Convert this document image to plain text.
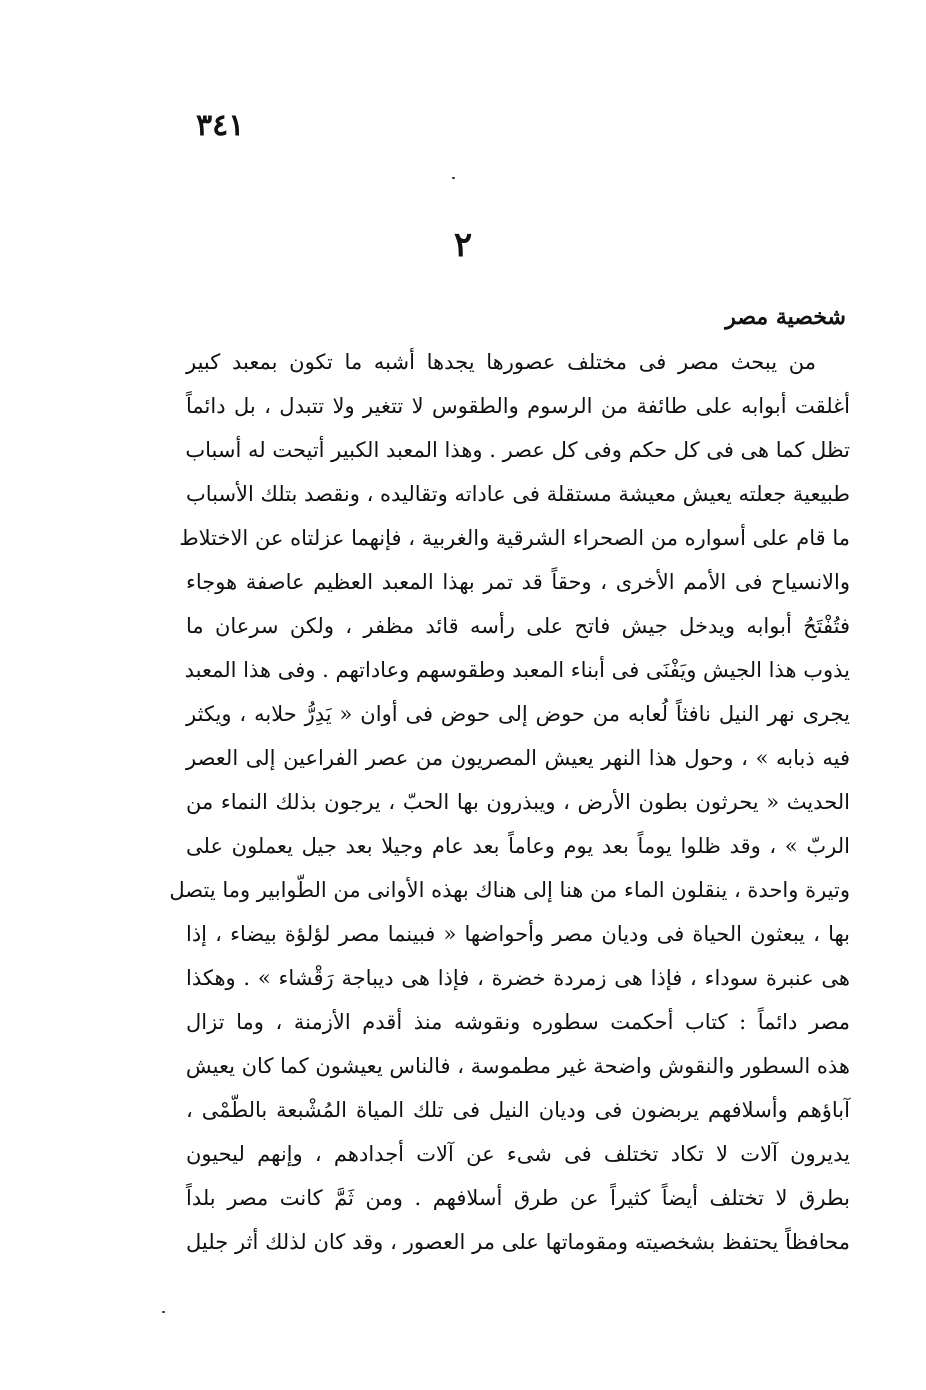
٣٤١
٢
شخصية مصر
من يبحث مصر فى مختلف عصورها يجدها أشبه ما تكون بمعبد كبير
أغلقت أبوابه على طائفة من الرسوم والطقوس لا تتغير ولا تتبدل ، بل دائماً
تظل كما هى فى كل حكم وفى كل عصر . وهذا المعبد الكبير أتيحت له أسباب
طبيعية جعلته يعيش معيشة مستقلة فى عاداته وتقاليده ، ونقصد بتلك الأسباب
ما قام على أسواره من الصحراء الشرقية والغربية ، فإنهما عزلتاه عن الاختلاط
والانسياح فى الأمم الأخرى ، وحقاً قد تمر بهذا المعبد العظيم عاصفة هوجاء
فتُفْتَحُ أبوابه ويدخل جيش فاتح على رأسه قائد مظفر ، ولكن سرعان ما
يذوب هذا الجيش ويَفْنَى فى أبناء المعبد وطقوسهم وعاداتهم . وفى هذا المعبد
يجرى نهر النيل نافثاً لُعابه من حوض إلى حوض فى أوان « يَدِرُّ حلابه ، ويكثر
فيه ذبابه » ، وحول هذا النهر يعيش المصريون من عصر الفراعين إلى العصر
الحديث « يحرثون بطون الأرض ، ويبذرون بها الحبّ ، يرجون بذلك النماء من
الربّ » ، وقد ظلوا يوماً بعد يوم وعاماً بعد عام وجيلا بعد جيل يعملون على
وتيرة واحدة ، ينقلون الماء من هنا إلى هناك بهذه الأوانى من الطّوابير وما يتصل
بها ، يبعثون الحياة فى وديان مصر وأحواضها « فبينما مصر لؤلؤة بيضاء ، إذا
هى عنبرة سوداء ، فإذا هى زمردة خضرة ، فإذا هى ديباجة رَقْشاء » . وهكذا
مصر دائماً : كتاب أحكمت سطوره ونقوشه منذ أقدم الأزمنة ، وما تزال
هذه السطور والنقوش واضحة غير مطموسة ، فالناس يعيشون كما كان يعيش
آباؤهم وأسلافهم يربضون فى وديان النيل فى تلك المياة المُشْبعة بالطّمْى ،
يديرون آلات لا تكاد تختلف فى شىء عن آلات أجدادهم ، وإنهم ليحيون
بطرق لا تختلف أيضاً كثيراً عن طرق أسلافهم . ومن ثَمَّ كانت مصر بلداً
محافظاً يحتفظ بشخصيته ومقوماتها على مر العصور ، وقد كان لذلك أثر جليل
